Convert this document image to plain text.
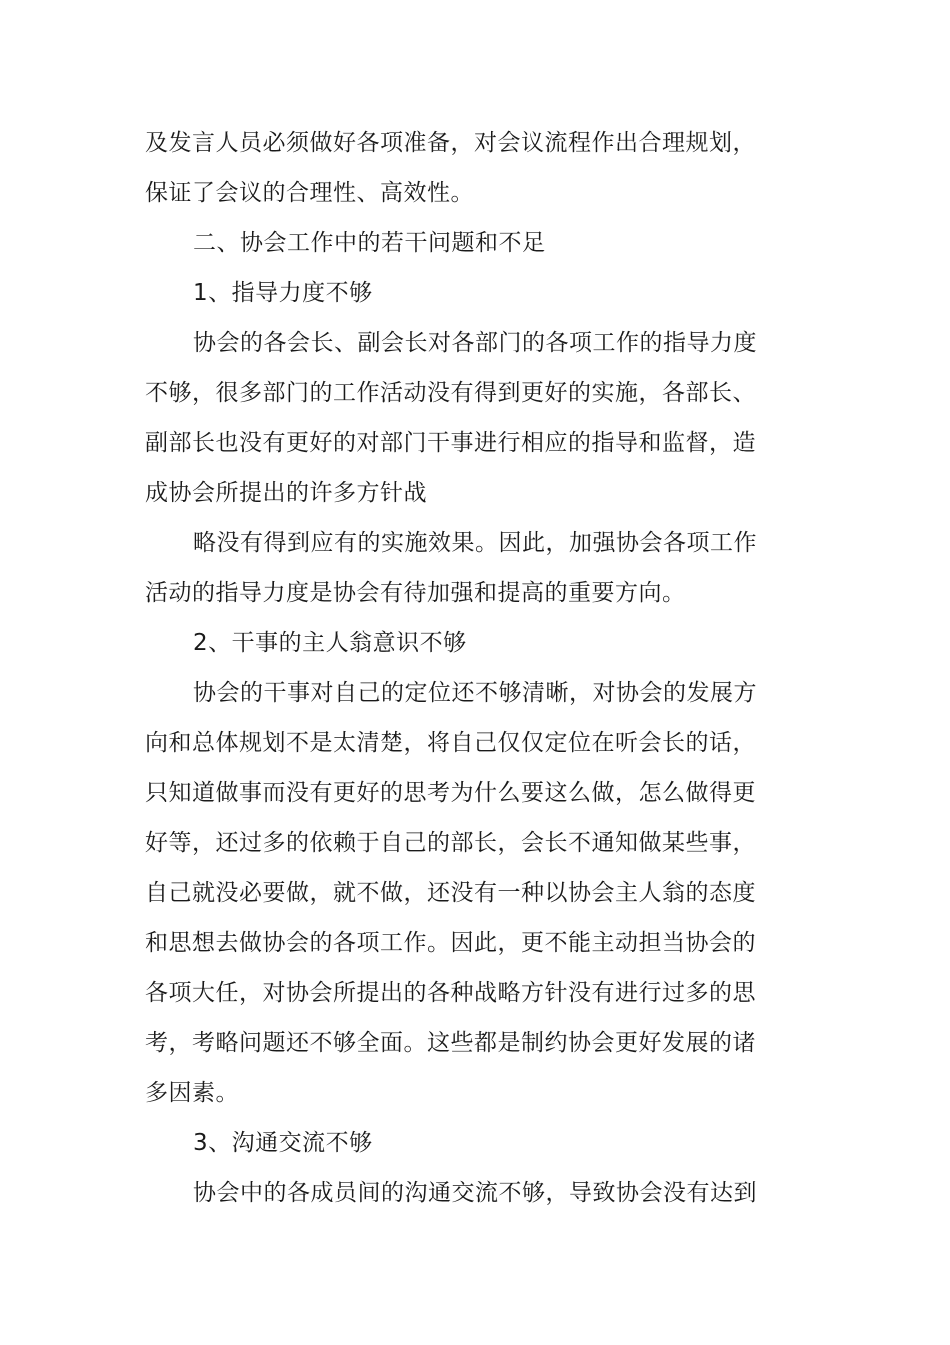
及发言人员必须做好各项准备，对会议流程作出合理规划，
保证了会议的合理性、高效性。
二、协会工作中的若干问题和不足
1、指导力度不够
协会的各会长、副会长对各部门的各项工作的指导力度
不够，很多部门的工作活动没有得到更好的实施，各部长、
副部长也没有更好的对部门干事进行相应的指导和监督，造
成协会所提出的许多方针战
略没有得到应有的实施效果。因此，加强协会各项工作
活动的指导力度是协会有待加强和提高的重要方向。
2、干事的主人翁意识不够
协会的干事对自己的定位还不够清晰，对协会的发展方
向和总体规划不是太清楚，将自己仅仅定位在听会长的话，
只知道做事而没有更好的思考为什么要这么做，怎么做得更
好等，还过多的依赖于自己的部长，会长不通知做某些事，
自己就没必要做，就不做，还没有一种以协会主人翁的态度
和思想去做协会的各项工作。因此，更不能主动担当协会的
各项大任，对协会所提出的各种战略方针没有进行过多的思
考，考略问题还不够全面。这些都是制约协会更好发展的诸
多因素。
3、沟通交流不够
协会中的各成员间的沟通交流不够，导致协会没有达到
